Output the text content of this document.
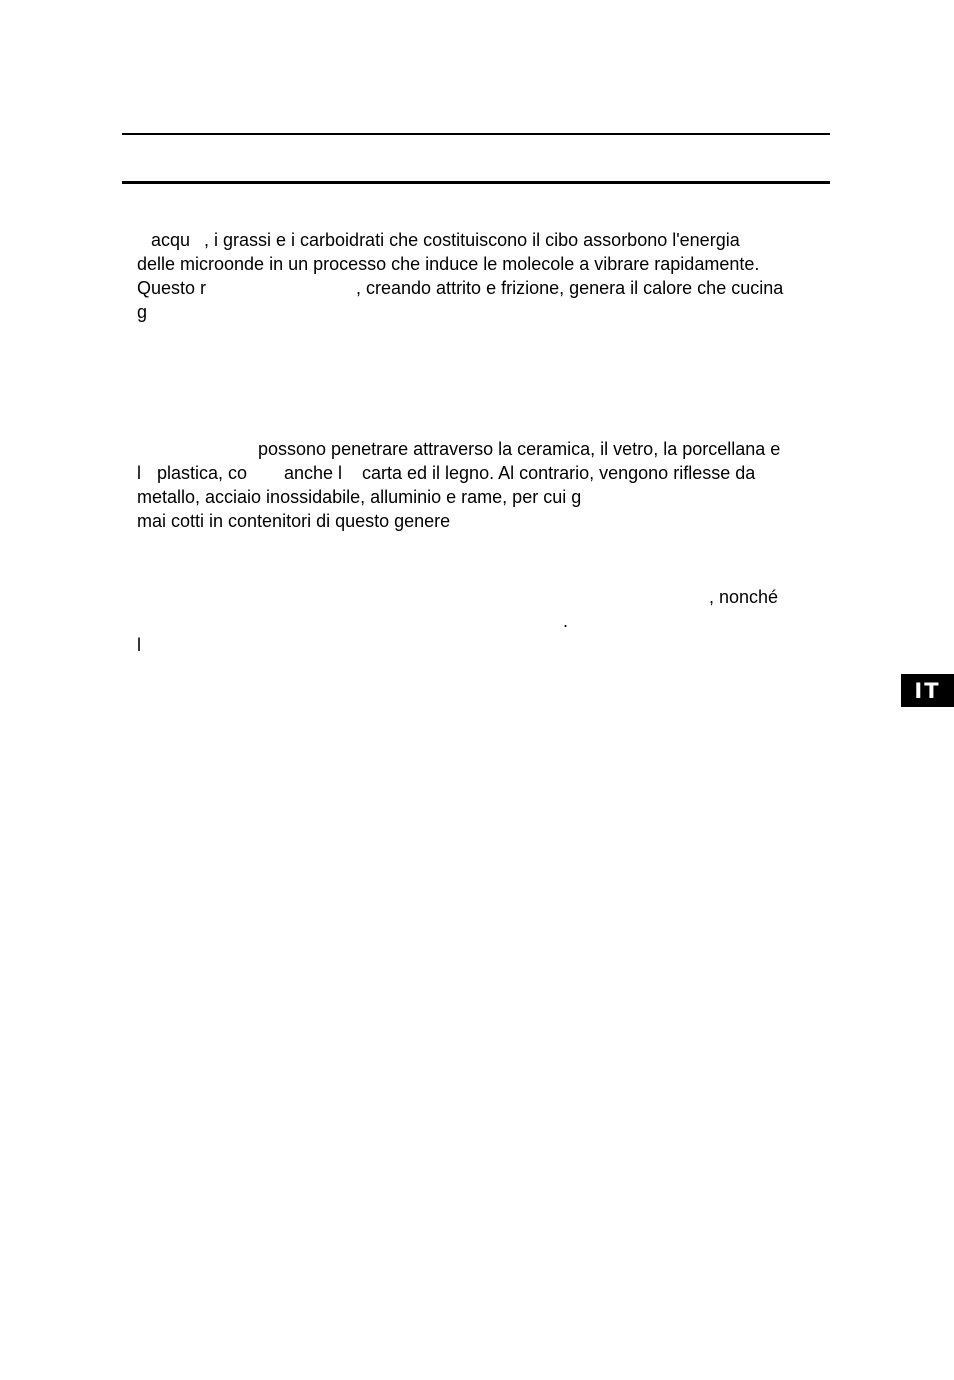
acqu , i grassi e i carboidrati che costituiscono il cibo assorbono l'energia
delle microonde in un processo che induce le molecole a vibrare rapidamente.
Questo r	, creando attrito e frizione, genera il calore che cucina
g
possono penetrare attraverso la ceramica, il vetro, la porcellana e
l plastica, co anche l carta ed il legno. Al contrario, vengono riflesse da
metallo, acciaio inossidabile, alluminio e rame, per cui g
mai cotti in contenitori di questo genere
, nonché
.
l
IT
